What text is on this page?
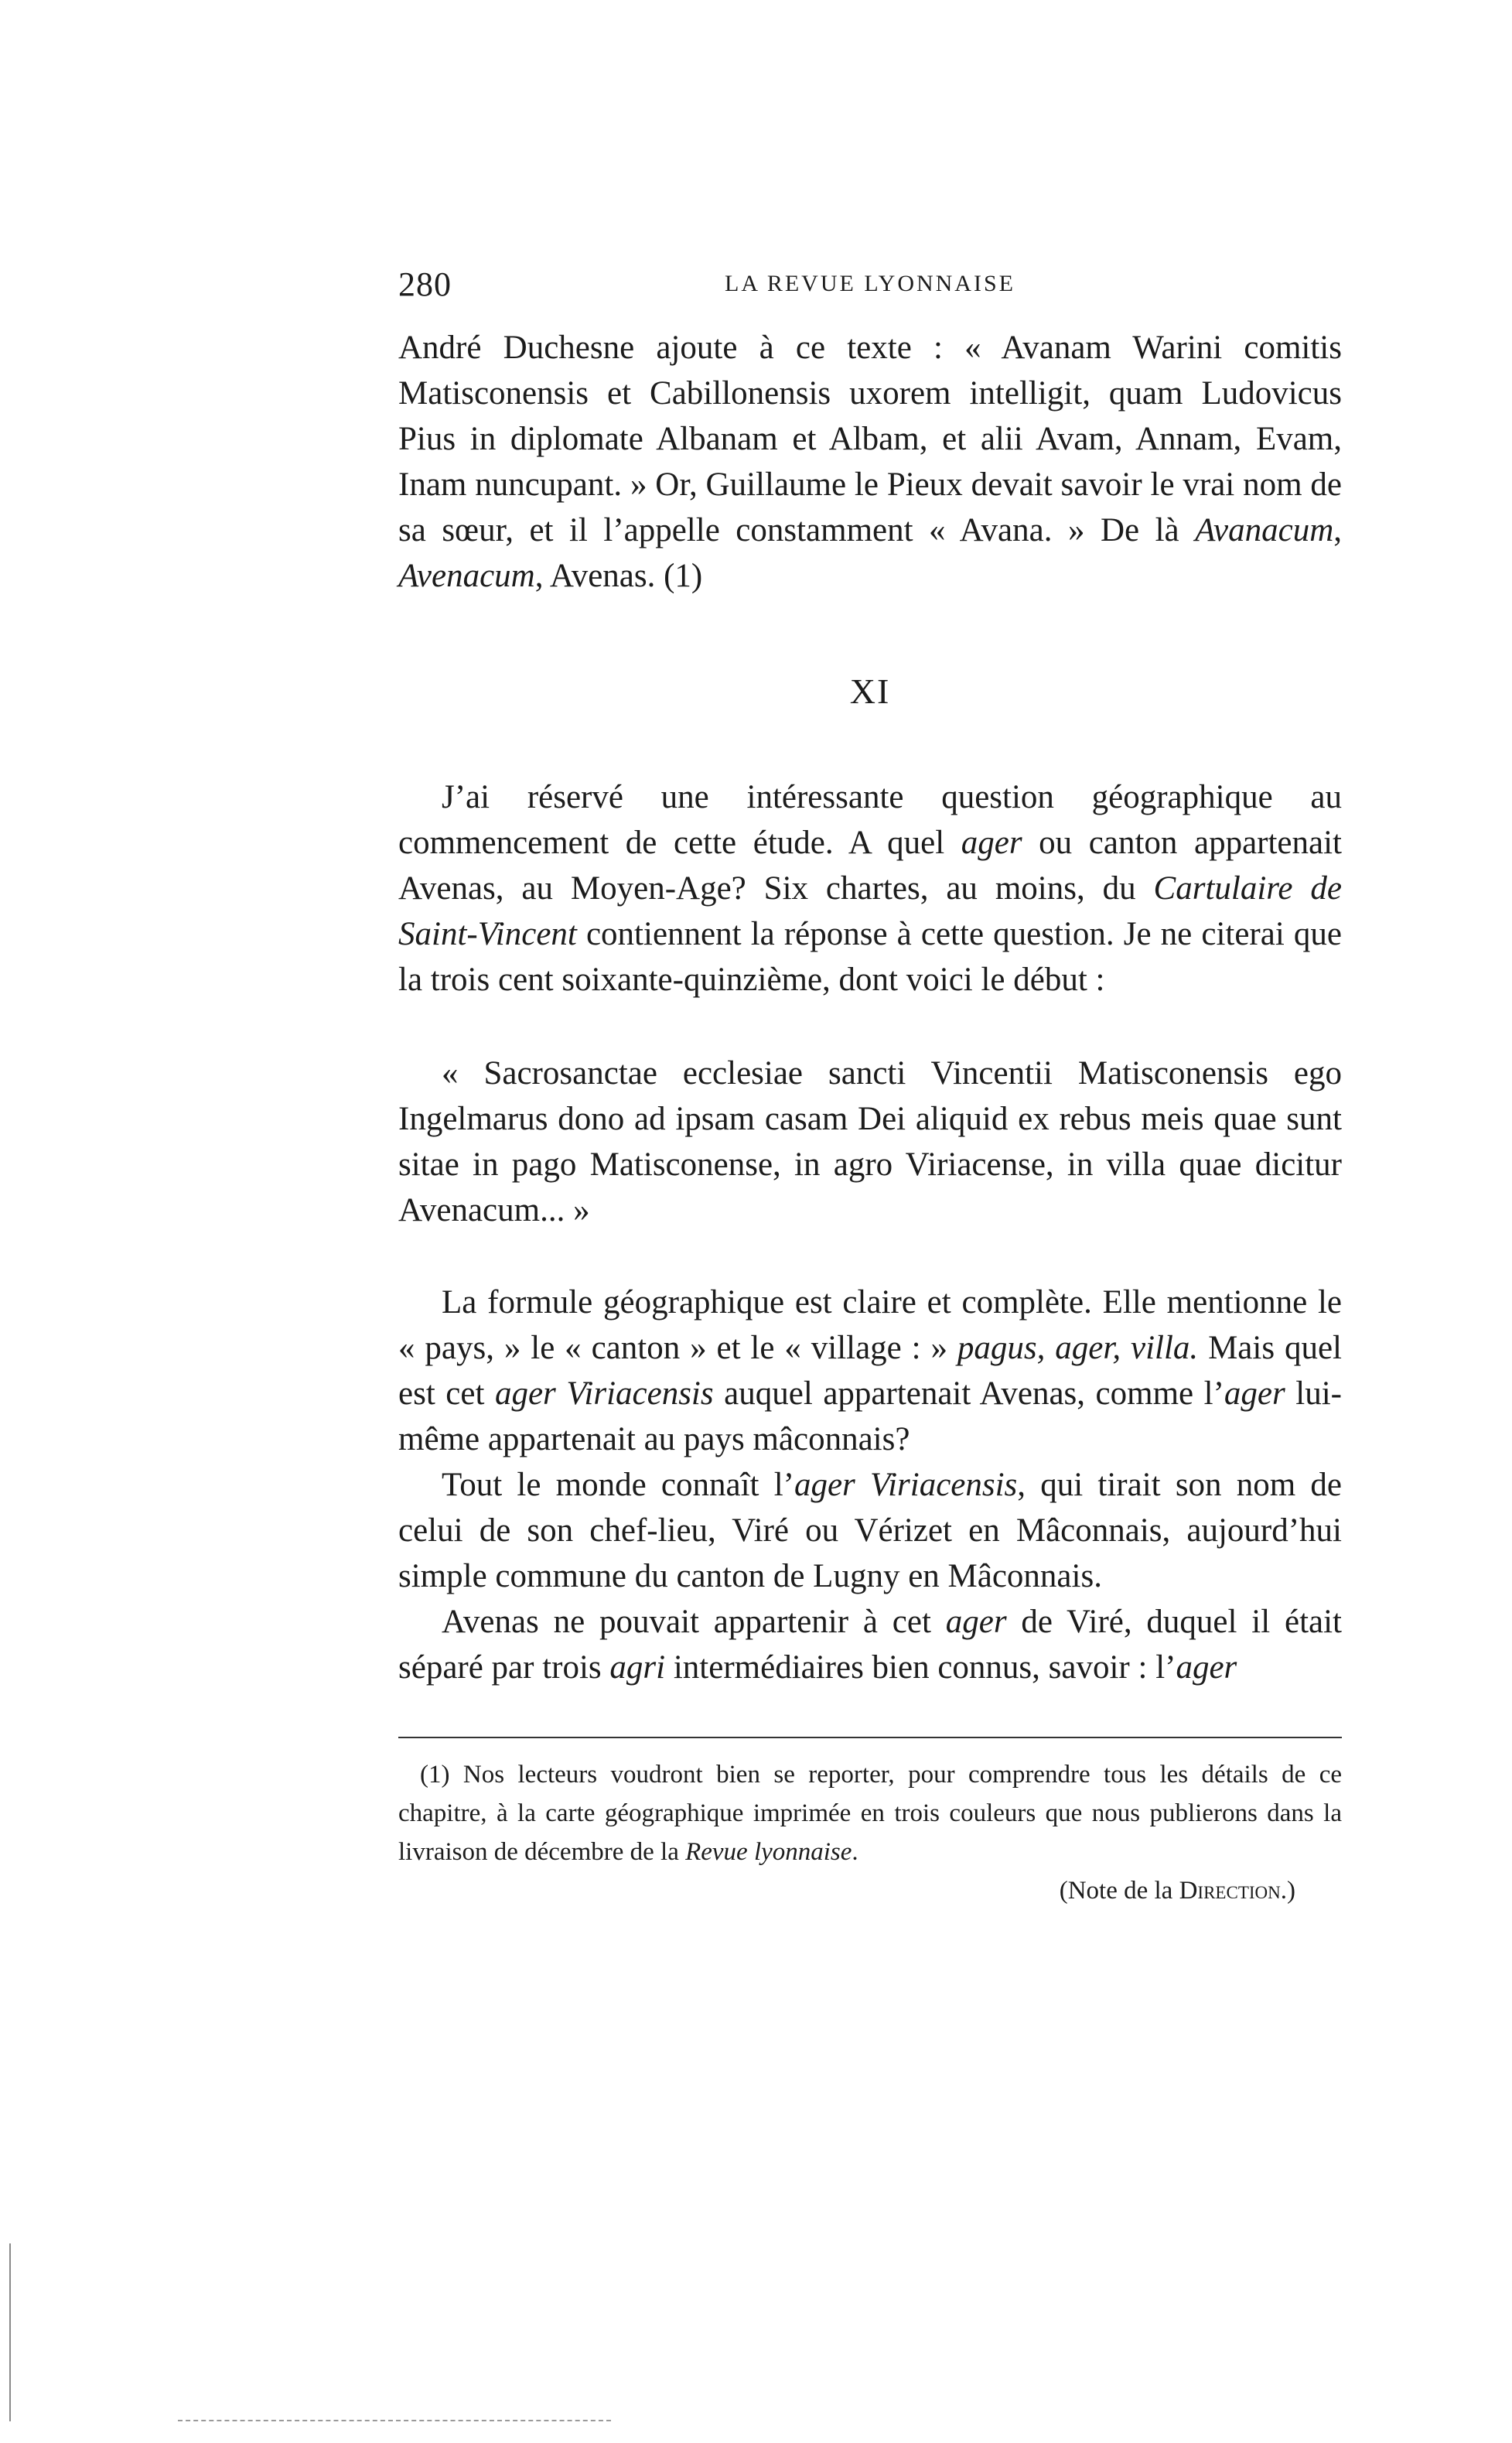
280	LA REVUE LYONNAISE

André Duchesne ajoute à ce texte : « Avanam Warini comitis Matisconensis et Cabillonensis uxorem intelligit, quam Ludovicus Pius in diplomate Albanam et Albam, et alii Avam, Annam, Evam, Inam nuncupant. » Or, Guillaume le Pieux devait savoir le vrai nom de sa sœur, et il l’appelle constamment « Avana. » De là Avanacum, Avenacum, Avenas. (1)

XI

J’ai réservé une intéressante question géographique au commencement de cette étude. A quel ager ou canton appartenait Avenas, au Moyen-Age? Six chartes, au moins, du Cartulaire de Saint-Vincent contiennent la réponse à cette question. Je ne citerai que la trois cent soixante-quinzième, dont voici le début :

« Sacrosanctae ecclesiae sancti Vincentii Matisconensis ego Ingelmarus dono ad ipsam casam Dei aliquid ex rebus meis quae sunt sitae in pago Matisconense, in agro Viriacense, in villa quae dicitur Avenacum... »

La formule géographique est claire et complète. Elle mentionne le « pays, » le « canton » et le « village : » pagus, ager, villa. Mais quel est cet ager Viriacensis auquel appartenait Avenas, comme l’ager lui-même appartenait au pays mâconnais?

Tout le monde connaît l’ager Viriacensis, qui tirait son nom de celui de son chef-lieu, Viré ou Vérizet en Mâconnais, aujourd’hui simple commune du canton de Lugny en Mâconnais.

Avenas ne pouvait appartenir à cet ager de Viré, duquel il était séparé par trois agri intermédiaires bien connus, savoir : l’ager

(1) Nos lecteurs voudront bien se reporter, pour comprendre tous les détails de ce chapitre, à la carte géographique imprimée en trois couleurs que nous publierons dans la livraison de décembre de la Revue lyonnaise.

(Note de la Direction.)
